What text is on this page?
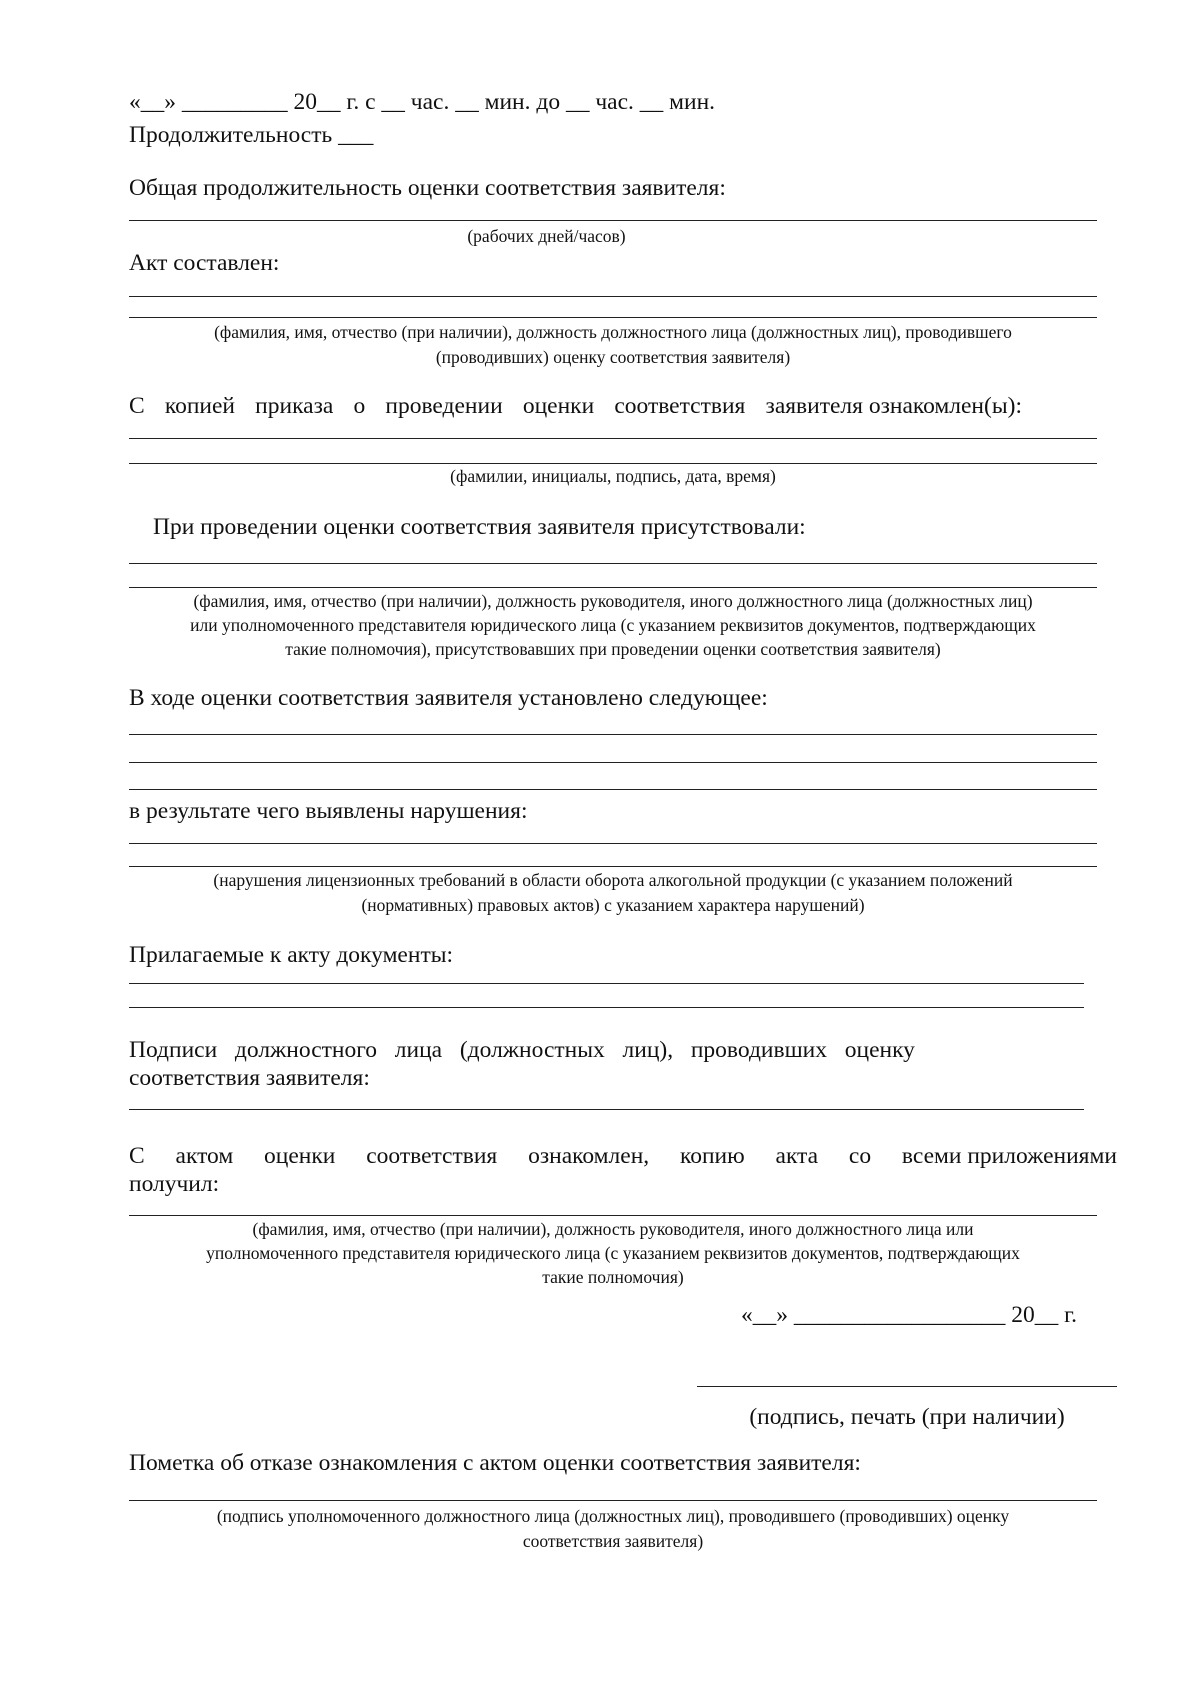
«__» _________ 20__ г. с __ час. __ мин. до __ час. __ мин.
Продолжительность ___
Общая продолжительность оценки соответствия заявителя:
(рабочих дней/часов)
Акт составлен:
(фамилия, имя, отчество (при наличии), должность должностного лица (должностных лиц), проводившего
(проводивших) оценку соответствия заявителя)
С копией приказа о проведении оценки соответствия заявителя ознакомлен(ы):
(фамилии, инициалы, подпись, дата, время)
При проведении оценки соответствия заявителя присутствовали:
(фамилия, имя, отчество (при наличии), должность руководителя, иного должностного лица (должностных лиц)
или уполномоченного представителя юридического лица (с указанием реквизитов документов, подтверждающих
такие полномочия), присутствовавших при проведении оценки соответствия заявителя)
В ходе оценки соответствия заявителя установлено следующее:
в результате чего выявлены нарушения:
(нарушения лицензионных требований в области оборота алкогольной продукции (с указанием положений
(нормативных) правовых актов) с указанием характера нарушений)
Прилагаемые к акту документы:
Подписи должностного лица (должностных лиц), проводивших оценку
соответствия заявителя:
С актом оценки соответствия ознакомлен, копию акта со всеми приложениями
получил:
(фамилия, имя, отчество (при наличии), должность руководителя, иного должностного лица или
уполномоченного представителя юридического лица (с указанием реквизитов документов, подтверждающих
такие полномочия)
«__» __________________ 20__ г.
(подпись, печать (при наличии)
Пометка об отказе ознакомления с актом оценки соответствия заявителя:
(подпись уполномоченного должностного лица (должностных лиц), проводившего (проводивших) оценку
соответствия заявителя)
